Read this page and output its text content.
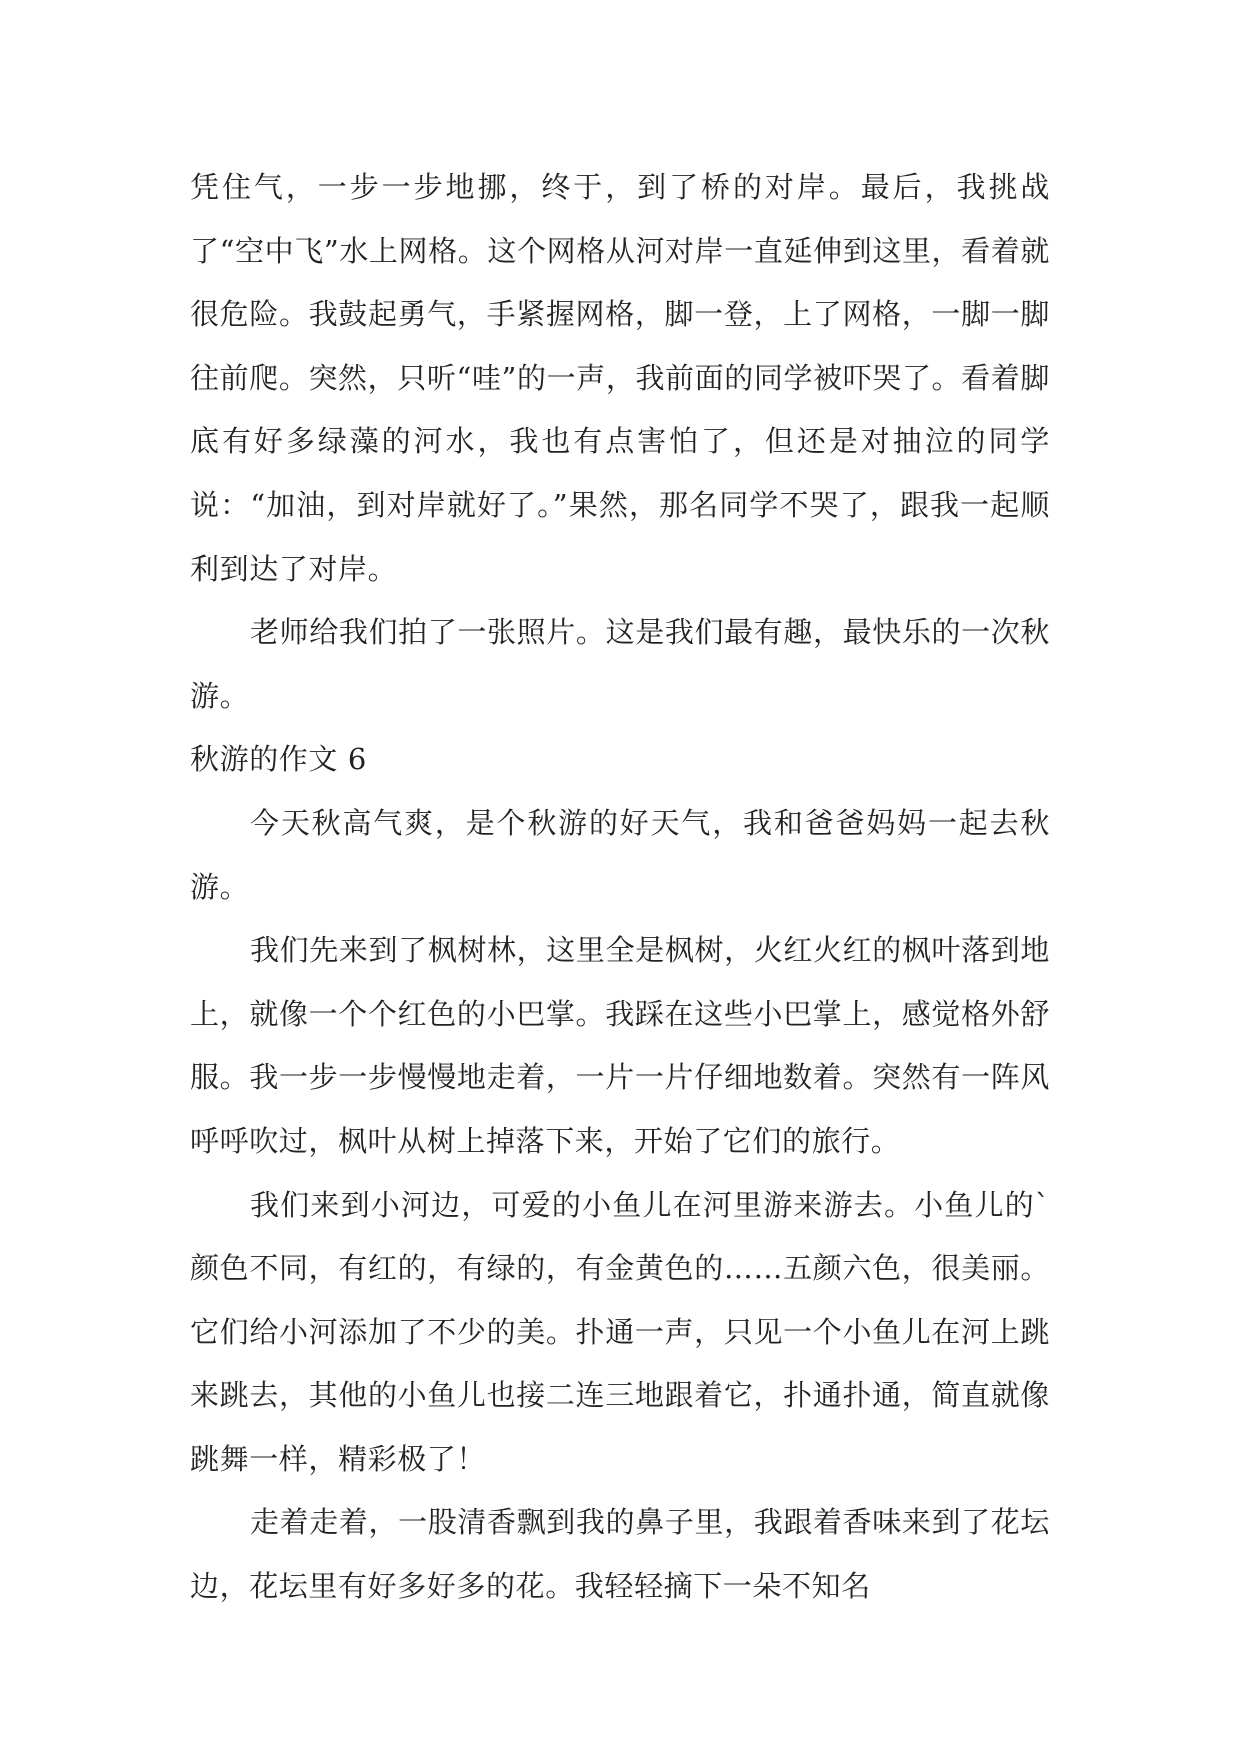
凭住气，一步一步地挪，终于，到了桥的对岸。最后，我挑战了“空中飞”水上网格。这个网格从河对岸一直延伸到这里，看着就很危险。我鼓起勇气，手紧握网格，脚一登，上了网格，一脚一脚往前爬。突然，只听“哇”的一声，我前面的同学被吓哭了。看着脚底有好多绿藻的河水，我也有点害怕了，但还是对抽泣的同学说：“加油，到对岸就好了。”果然，那名同学不哭了，跟我一起顺利到达了对岸。

老师给我们拍了一张照片。这是我们最有趣，最快乐的一次秋游。

秋游的作文 6

今天秋高气爽，是个秋游的好天气，我和爸爸妈妈一起去秋游。

我们先来到了枫树林，这里全是枫树，火红火红的枫叶落到地上，就像一个个红色的小巴掌。我踩在这些小巴掌上，感觉格外舒服。我一步一步慢慢地走着，一片一片仔细地数着。突然有一阵风呼呼吹过，枫叶从树上掉落下来，开始了它们的旅行。

我们来到小河边，可爱的小鱼儿在河里游来游去。小鱼儿的`颜色不同，有红的，有绿的，有金黄色的……五颜六色，很美丽。它们给小河添加了不少的美。扑通一声，只见一个小鱼儿在河上跳来跳去，其他的小鱼儿也接二连三地跟着它，扑通扑通，简直就像跳舞一样，精彩极了！

走着走着，一股清香飘到我的鼻子里，我跟着香味来到了花坛边，花坛里有好多好多的花。我轻轻摘下一朵不知名
